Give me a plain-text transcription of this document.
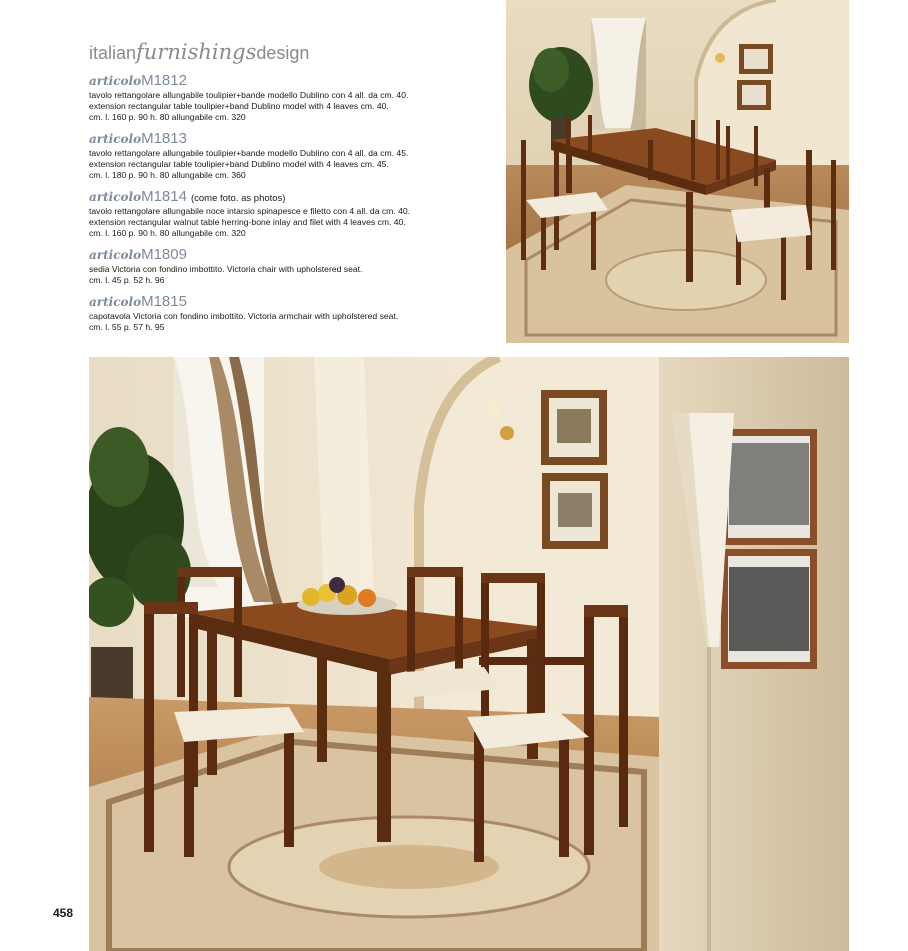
italianfurnishingsdesign
articoloM1812
tavolo rettangolare allungabile toulipier+bande modello Dublino con 4 all. da cm. 40.
extension rectangular table toulipier+band Dublino model with 4 leaves cm. 40.
cm. l. 160 p. 90 h. 80 allungabile cm. 320
articoloM1813
tavolo rettangolare allungabile toulipier+bande modello Dublino con 4 all. da cm. 45.
extension rectangular table toulipier+band Dublino model with 4 leaves cm. 45.
cm. l. 180 p. 90 h. 80 allungabile cm. 360
articoloM1814 (come foto. as photos)
tavolo rettangolare allungabile noce intarsio spinapesce e filetto con 4 all. da cm. 40.
extension rectangular walnut table herring-bone inlay and filet with 4 leaves cm. 40.
cm. l. 160 p. 90 h. 80 allungabile cm. 320
articoloM1809
sedia Victoria con fondino imbottito. Victoria chair with upholstered seat.
cm. l. 45 p. 52 h. 96
articoloM1815
capotavola Victoria con fondino imbottito. Victoria armchair with upholstered seat.
cm. l. 55 p. 57 h. 95
458
